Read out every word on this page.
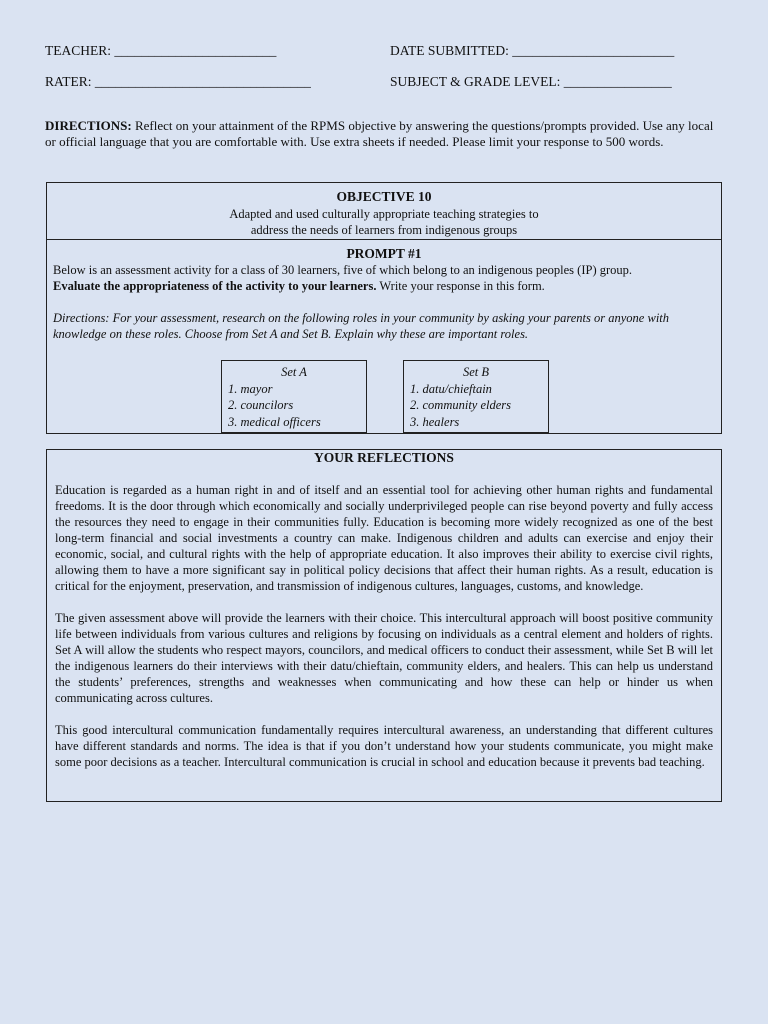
TEACHER: ________________________	DATE SUBMITTED: ________________________
RATER: ________________________________	SUBJECT & GRADE LEVEL: ________________
DIRECTIONS: Reflect on your attainment of the RPMS objective by answering the questions/prompts provided. Use any local or official language that you are comfortable with. Use extra sheets if needed. Please limit your response to 500 words.
OBJECTIVE 10
Adapted and used culturally appropriate teaching strategies to
address the needs of learners from indigenous groups
PROMPT #1
Below is an assessment activity for a class of 30 learners, five of which belong to an indigenous peoples (IP) group.
Evaluate the appropriateness of the activity to your learners. Write your response in this form.
Directions: For your assessment, research on the following roles in your community by asking your parents or anyone with knowledge on these roles. Choose from Set A and Set B. Explain why these are important roles.
Set A
1. mayor
2. councilors
3. medical officers
Set B
1. datu/chieftain
2. community elders
3. healers
YOUR REFLECTIONS

Education is regarded as a human right in and of itself and an essential tool for achieving other human rights and fundamental freedoms. It is the door through which economically and socially underprivileged people can rise beyond poverty and fully access the resources they need to engage in their communities fully. Education is becoming more widely recognized as one of the best long-term financial and social investments a country can make. Indigenous children and adults can exercise and enjoy their economic, social, and cultural rights with the help of appropriate education. It also improves their ability to exercise civil rights, allowing them to have a more significant say in political policy decisions that affect their human rights. As a result, education is critical for the enjoyment, preservation, and transmission of indigenous cultures, languages, customs, and knowledge.

The given assessment above will provide the learners with their choice. This intercultural approach will boost positive community life between individuals from various cultures and religions by focusing on individuals as a central element and holders of rights. Set A will allow the students who respect mayors, councilors, and medical officers to conduct their assessment, while Set B will let the indigenous learners do their interviews with their datu/chieftain, community elders, and healers. This can help us understand the students’ preferences, strengths and weaknesses when communicating and how these can help or hinder us when communicating across cultures.

This good intercultural communication fundamentally requires intercultural awareness, an understanding that different cultures have different standards and norms. The idea is that if you don’t understand how your students communicate, you might make some poor decisions as a teacher. Intercultural communication is crucial in school and education because it prevents bad teaching.
